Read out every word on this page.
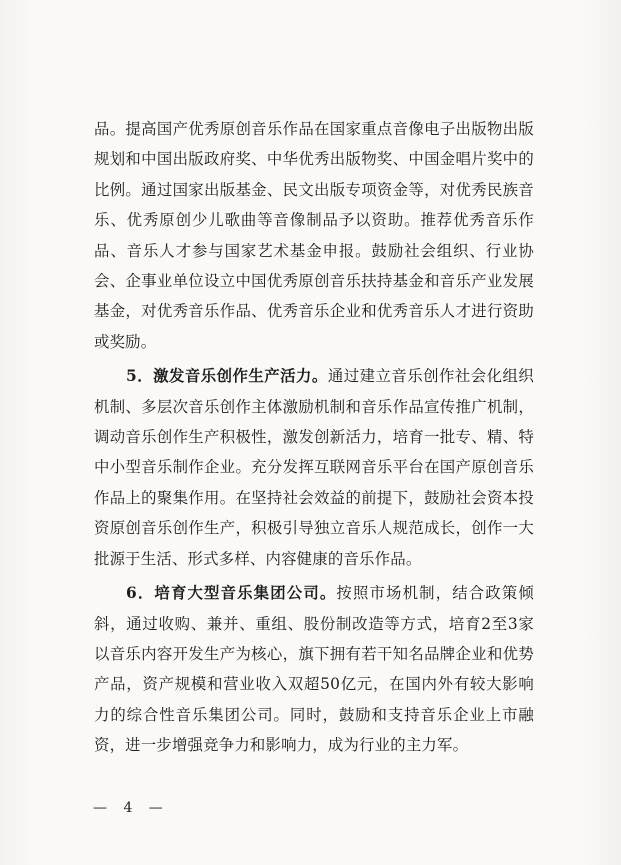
品。提高国产优秀原创音乐作品在国家重点音像电子出版物出版规划和中国出版政府奖、中华优秀出版物奖、中国金唱片奖中的比例。通过国家出版基金、民文出版专项资金等，对优秀民族音乐、优秀原创少儿歌曲等音像制品予以资助。推荐优秀音乐作品、音乐人才参与国家艺术基金申报。鼓励社会组织、行业协会、企事业单位设立中国优秀原创音乐扶持基金和音乐产业发展基金，对优秀音乐作品、优秀音乐企业和优秀音乐人才进行资助或奖励。

5．激发音乐创作生产活力。通过建立音乐创作社会化组织机制、多层次音乐创作主体激励机制和音乐作品宣传推广机制，调动音乐创作生产积极性，激发创新活力，培育一批专、精、特中小型音乐制作企业。充分发挥互联网音乐平台在国产原创音乐作品上的聚集作用。在坚持社会效益的前提下，鼓励社会资本投资原创音乐创作生产，积极引导独立音乐人规范成长，创作一大批源于生活、形式多样、内容健康的音乐作品。

6．培育大型音乐集团公司。按照市场机制，结合政策倾斜，通过收购、兼并、重组、股份制改造等方式，培育2至3家以音乐内容开发生产为核心，旗下拥有若干知名品牌企业和优势产品，资产规模和营业收入双超50亿元，在国内外有较大影响力的综合性音乐集团公司。同时，鼓励和支持音乐企业上市融资，进一步增强竞争力和影响力，成为行业的主力军。

— 4 —
